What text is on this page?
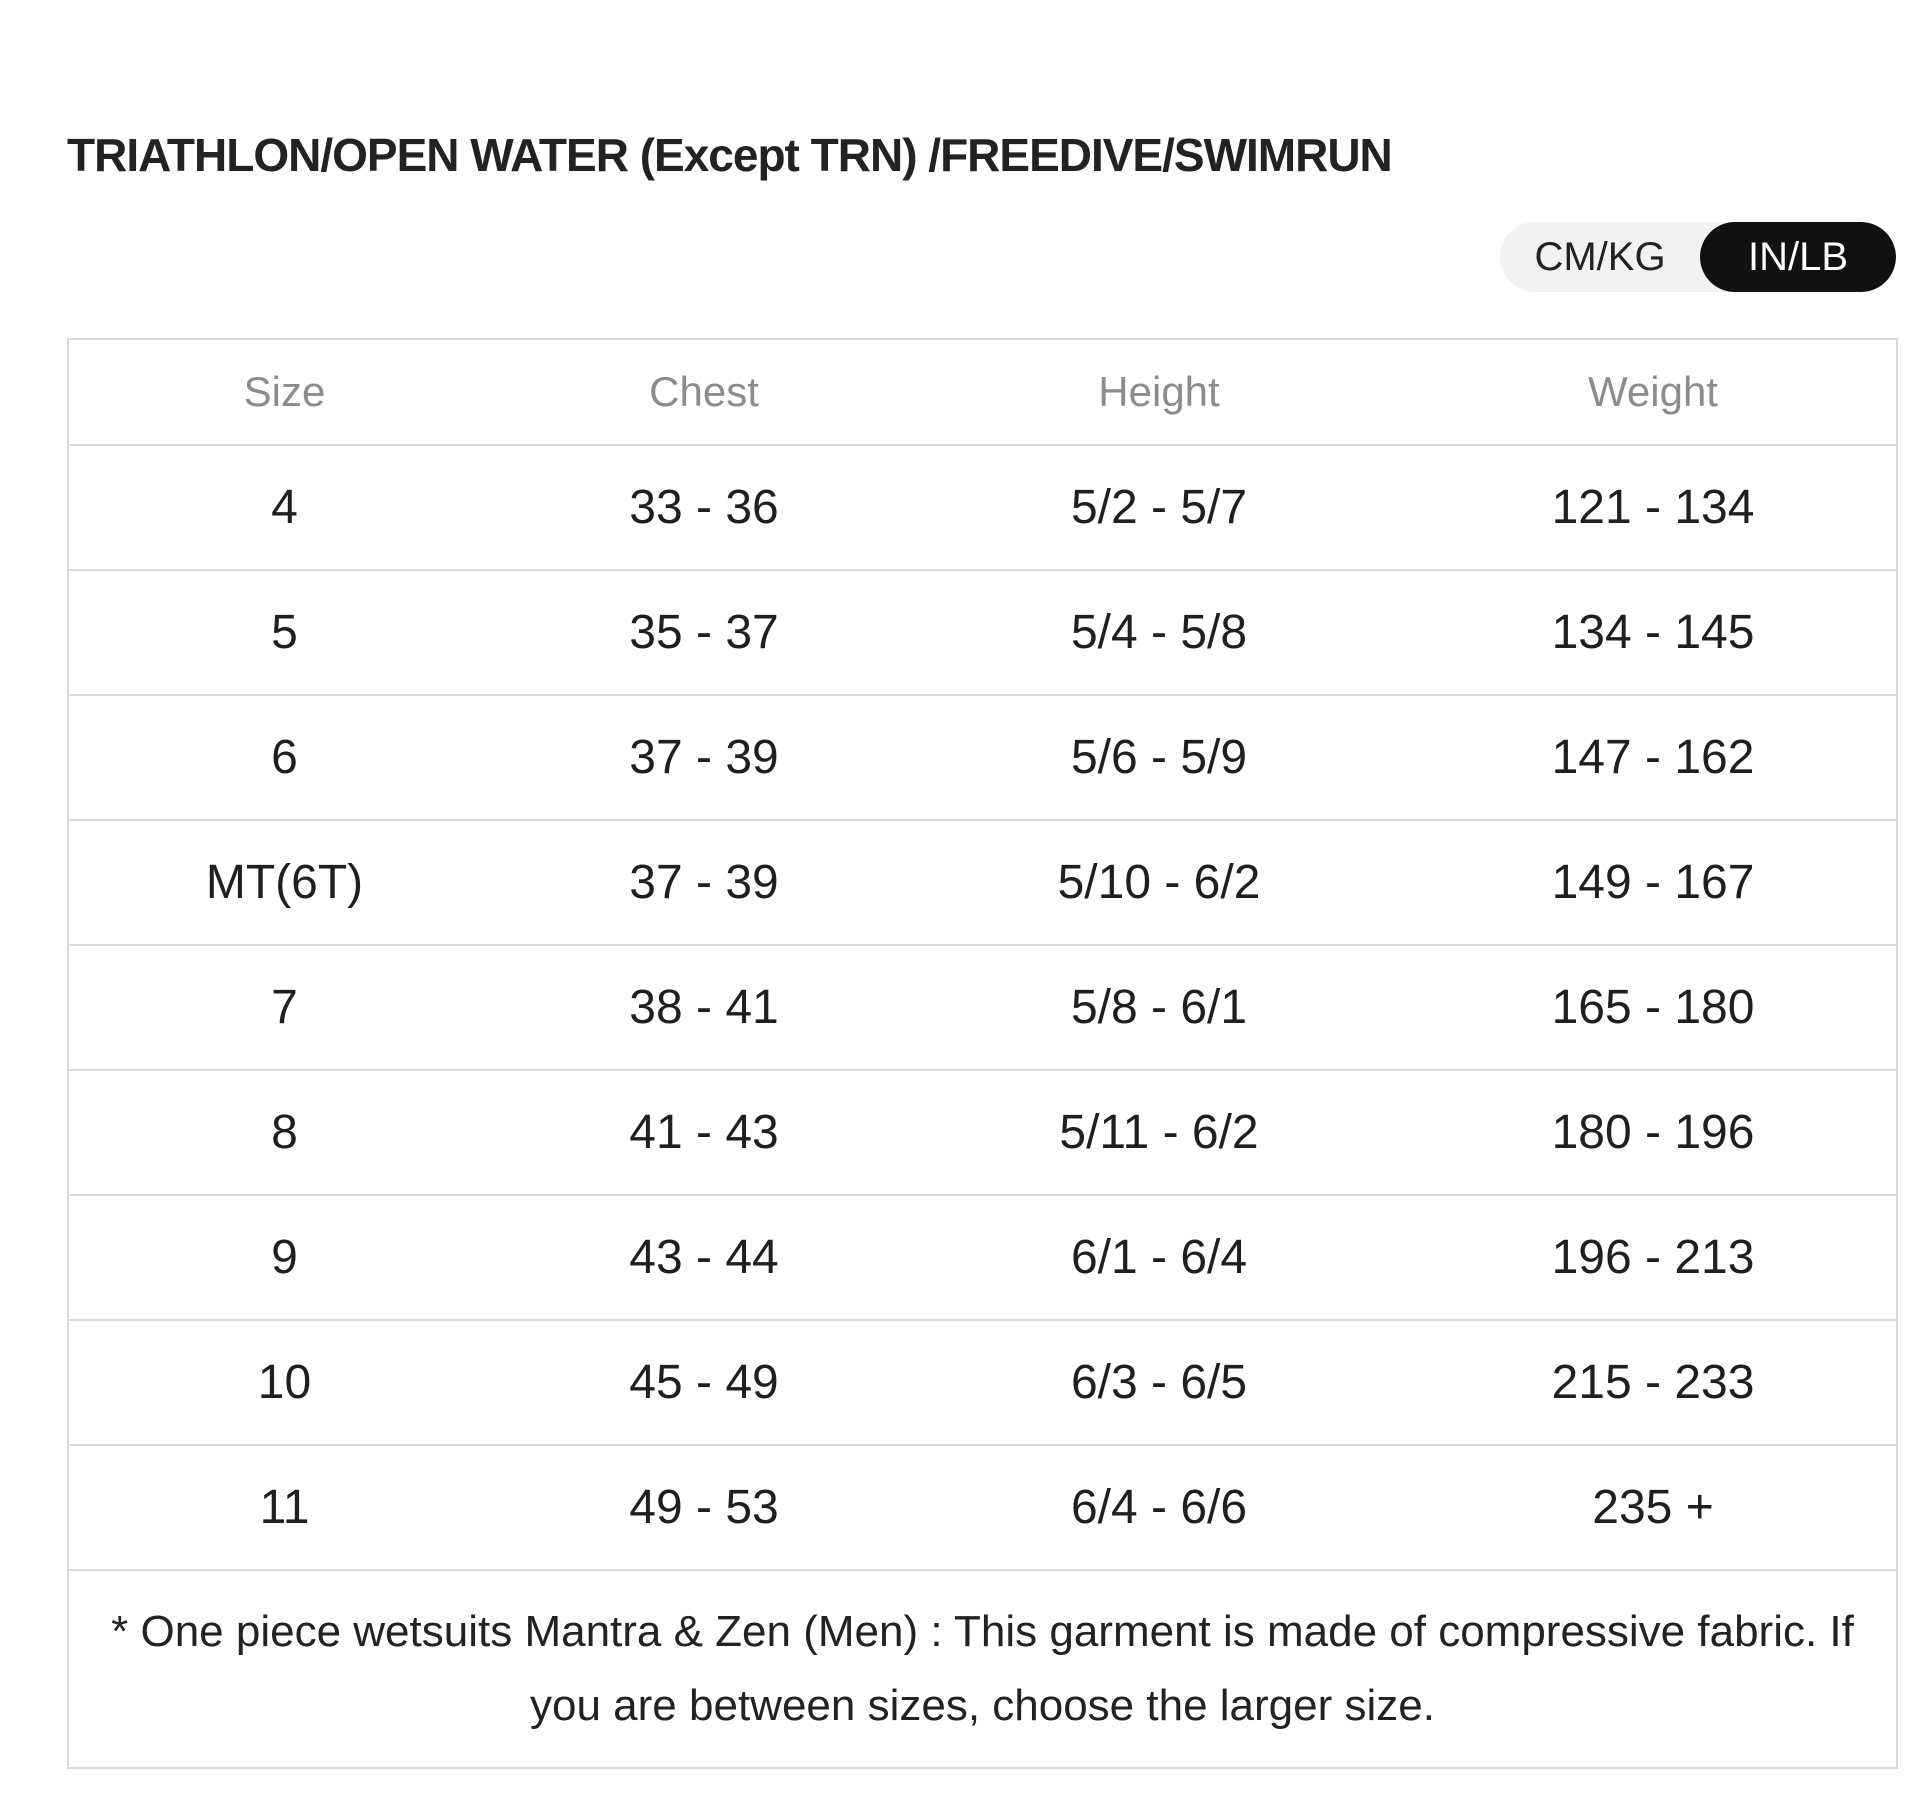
TRIATHLON/OPEN WATER (Except TRN) /FREEDIVE/SWIMRUN
CM/KG	IN/LB
Size	Chest	Height	Weight
4	33 - 36	5/2 - 5/7	121 - 134
5	35 - 37	5/4 - 5/8	134 - 145
6	37 - 39	5/6 - 5/9	147 - 162
MT(6T)	37 - 39	5/10 - 6/2	149 - 167
7	38 - 41	5/8 - 6/1	165 - 180
8	41 - 43	5/11 - 6/2	180 - 196
9	43 - 44	6/1 - 6/4	196 - 213
10	45 - 49	6/3 - 6/5	215 - 233
11	49 - 53	6/4 - 6/6	235 +
* One piece wetsuits Mantra & Zen (Men) : This garment is made of compressive fabric. If you are between sizes, choose the larger size.			
